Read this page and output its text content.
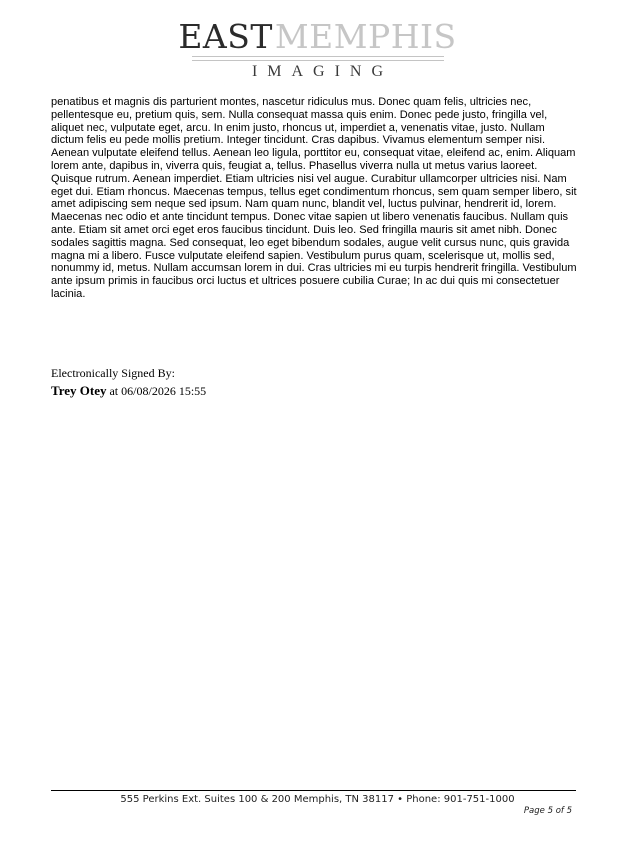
EASTMEMPHIS
IMAGING

penatibus et magnis dis parturient montes, nascetur ridiculus mus. Donec quam felis, ultricies nec, pellentesque eu, pretium quis, sem. Nulla consequat massa quis enim. Donec pede justo, fringilla vel, aliquet nec, vulputate eget, arcu. In enim justo, rhoncus ut, imperdiet a, venenatis vitae, justo. Nullam dictum felis eu pede mollis pretium. Integer tincidunt. Cras dapibus. Vivamus elementum semper nisi. Aenean vulputate eleifend tellus. Aenean leo ligula, porttitor eu, consequat vitae, eleifend ac, enim. Aliquam lorem ante, dapibus in, viverra quis, feugiat a, tellus. Phasellus viverra nulla ut metus varius laoreet. Quisque rutrum. Aenean imperdiet. Etiam ultricies nisi vel augue. Curabitur ullamcorper ultricies nisi. Nam eget dui. Etiam rhoncus. Maecenas tempus, tellus eget condimentum rhoncus, sem quam semper libero, sit amet adipiscing sem neque sed ipsum. Nam quam nunc, blandit vel, luctus pulvinar, hendrerit id, lorem. Maecenas nec odio et ante tincidunt tempus. Donec vitae sapien ut libero venenatis faucibus. Nullam quis ante. Etiam sit amet orci eget eros faucibus tincidunt. Duis leo. Sed fringilla mauris sit amet nibh. Donec sodales sagittis magna. Sed consequat, leo eget bibendum sodales, augue velit cursus nunc, quis gravida magna mi a libero. Fusce vulputate eleifend sapien. Vestibulum purus quam, scelerisque ut, mollis sed, nonummy id, metus. Nullam accumsan lorem in dui. Cras ultricies mi eu turpis hendrerit fringilla. Vestibulum ante ipsum primis in faucibus orci luctus et ultrices posuere cubilia Curae; In ac dui quis mi consectetuer lacinia.

Electronically Signed By:
Trey Otey at 06/08/2026 15:55
555 Perkins Ext. Suites 100 & 200 Memphis, TN 38117 • Phone: 901-751-1000
Page 5 of 5
